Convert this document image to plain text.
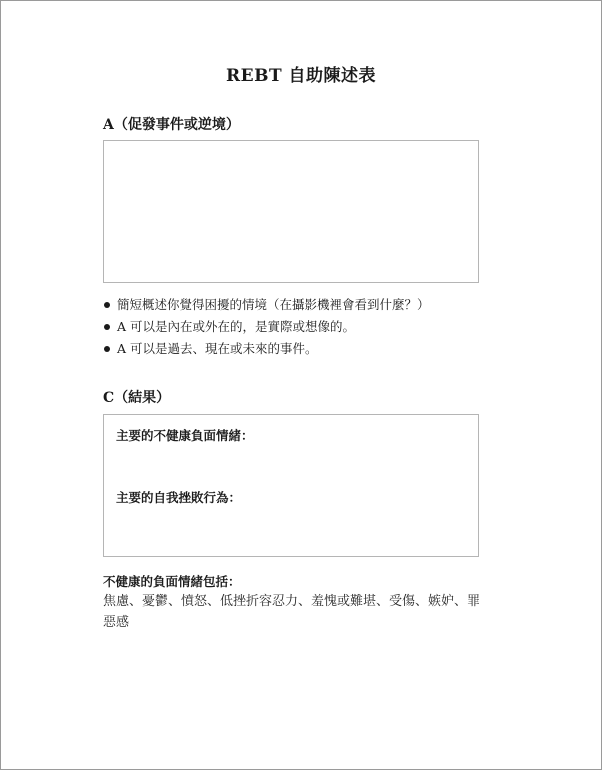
REBT 自助陳述表
A（促發事件或逆境）
簡短概述你覺得困擾的情境（在攝影機裡會看到什麼？）
A 可以是內在或外在的，是實際或想像的。
A 可以是過去、現在或未來的事件。
C（結果）
主要的不健康負面情緒：
主要的自我挫敗行為：
不健康的負面情緒包括：
焦慮、憂鬱、憤怒、低挫折容忍力、羞愧或難堪、受傷、嫉妒、罪惡感
